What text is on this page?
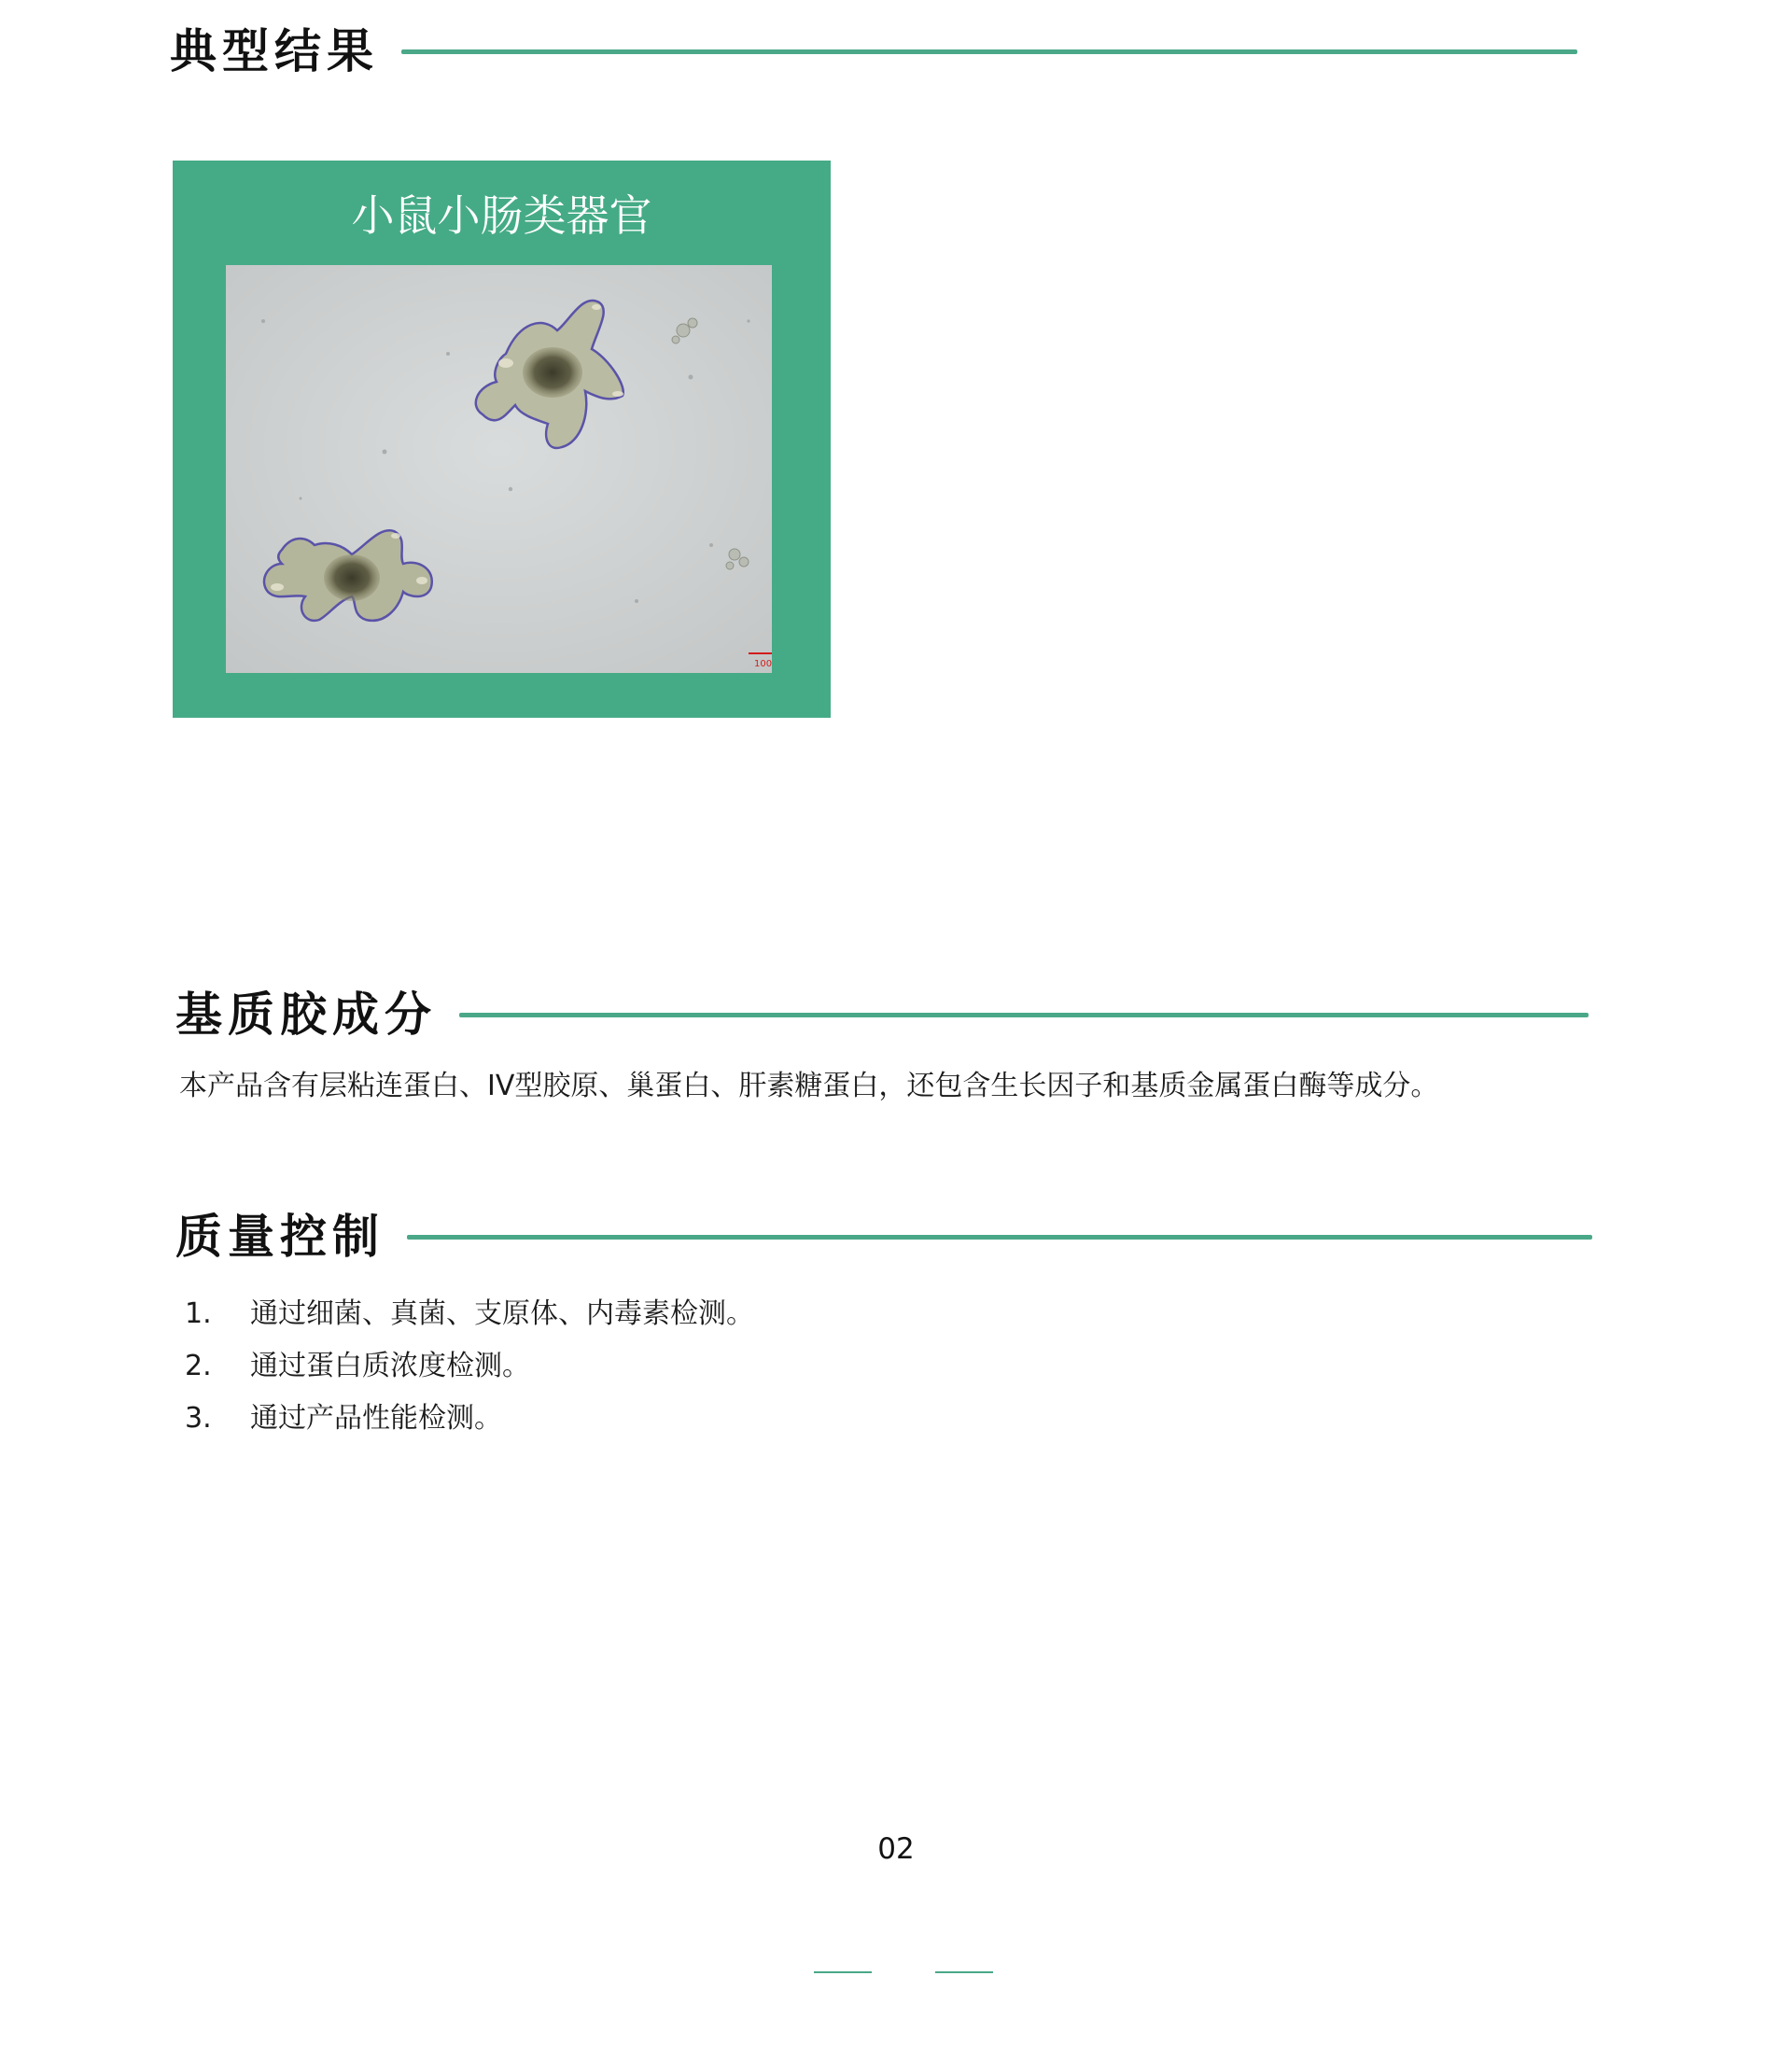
典型结果
小鼠小肠类器官
100
基质胶成分
本产品含有层粘连蛋白、IV型胶原、巢蛋白、肝素糖蛋白，还包含生长因子和基质金属蛋白酶等成分。
质量控制
1.	通过细菌、真菌、支原体、内毒素检测。
2.	通过蛋白质浓度检测。
3.	通过产品性能检测。
02
